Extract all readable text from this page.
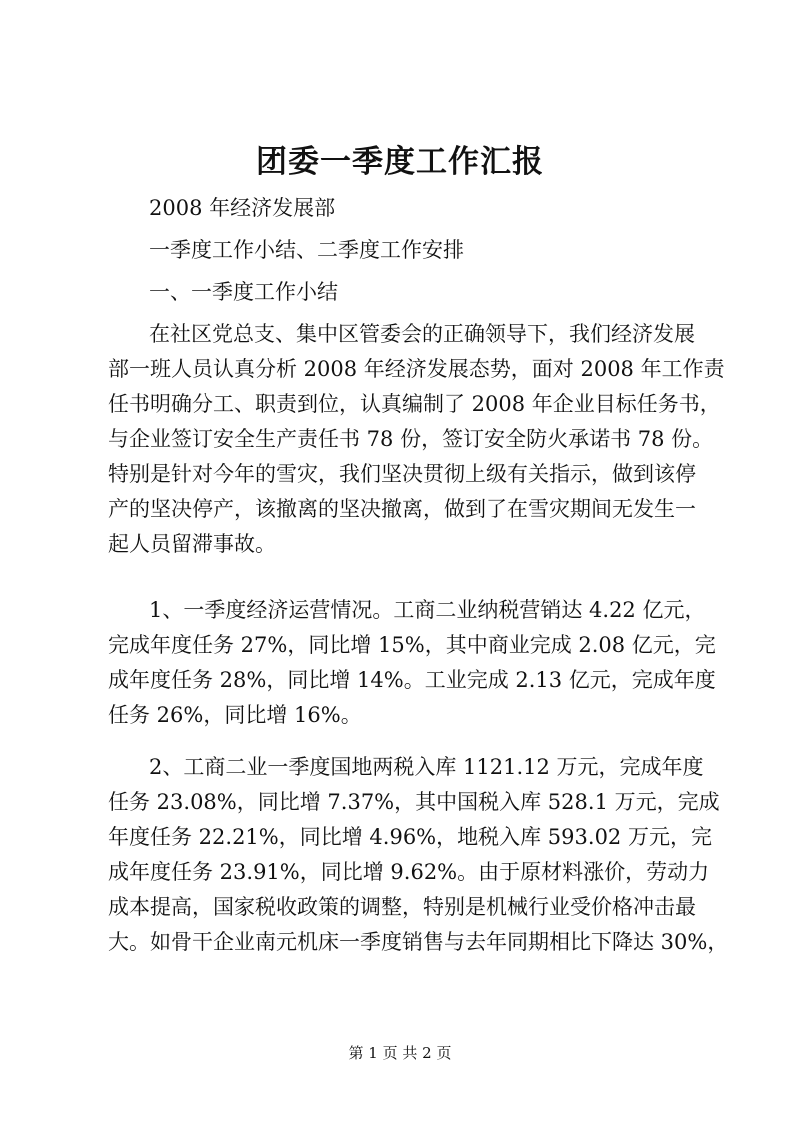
团委一季度工作汇报
2008 年经济发展部
一季度工作小结、二季度工作安排
一、一季度工作小结
在社区党总支、集中区管委会的正确领导下，我们经济发展
部一班人员认真分析 2008 年经济发展态势，面对 2008 年工作责
任书明确分工、职责到位，认真编制了 2008 年企业目标任务书，
与企业签订安全生产责任书 78 份，签订安全防火承诺书 78 份。
特别是针对今年的雪灾，我们坚决贯彻上级有关指示，做到该停
产的坚决停产，该撤离的坚决撤离，做到了在雪灾期间无发生一
起人员留滞事故。
1、一季度经济运营情况。工商二业纳税营销达 4.22 亿元，
完成年度任务 27%，同比增 15%，其中商业完成 2.08 亿元，完
成年度任务 28%，同比增 14%。工业完成 2.13 亿元，完成年度
任务 26%，同比增 16%。
2、工商二业一季度国地两税入库 1121.12 万元，完成年度
任务 23.08%，同比增 7.37%，其中国税入库 528.1 万元，完成
年度任务 22.21%，同比增 4.96%，地税入库 593.02 万元，完
成年度任务 23.91%，同比增 9.62%。由于原材料涨价，劳动力
成本提高，国家税收政策的调整，特别是机械行业受价格冲击最
大。如骨干企业南元机床一季度销售与去年同期相比下降达 30%，
第 1 页 共 2 页
